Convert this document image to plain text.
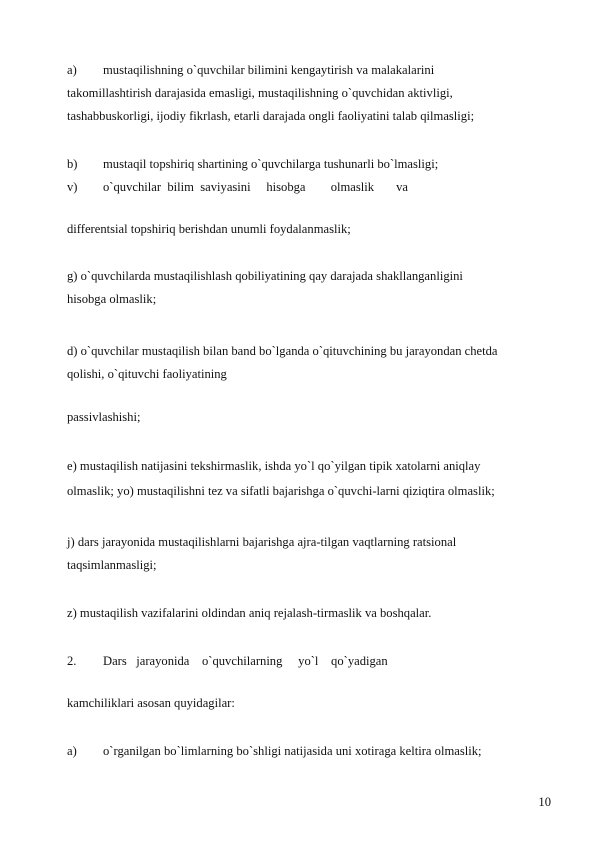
a) mustaqilishning o`quvchilar bilimini kengaytirish va malakalarini
takomillashtirish darajasida emasligi, mustaqilishning o`quvchidan aktivligi,
tashabbuskorligi, ijodiy fikrlash, etarli darajada ongli faoliyatini talab qilmasligi;
b) mustaqil topshiriq shartining o`quvchilarga tushunarli bo`lmasligi;
v) o`quvchilar  bilim  saviyasini     hisobga        olmaslik       va
differentsial topshiriq berishdan unumli foydalanmaslik;
g) o`quvchilarda mustaqilishlash qobiliyatining qay darajada shakllanganligini
hisobga olmaslik;
d) o`quvchilar mustaqilish bilan band bo`lganda o`qituvchining bu jarayondan chetda
qolishi, o`qituvchi faoliyatining
passivlashishi;
e) mustaqilish natijasini tekshirmaslik, ishda yo`l qo`yilgan tipik xatolarni aniqlay
olmaslik; yo) mustaqilishni tez va sifatli bajarishga o`quvchi-larni qiziqtira olmaslik;
j) dars jarayonida mustaqilishlarni bajarishga ajra-tilgan vaqtlarning ratsional
taqsimlanmasligi;
z) mustaqilish vazifalarini oldindan aniq rejalash-tirmaslik va boshqalar.
2. Dars   jarayonida    o`quvchilarning     yo`l    qo`yadigan
kamchiliklari asosan quyidagilar:
a) o`rganilgan bo`limlarning bo`shligi natijasida uni xotiraga keltira olmaslik;
10
